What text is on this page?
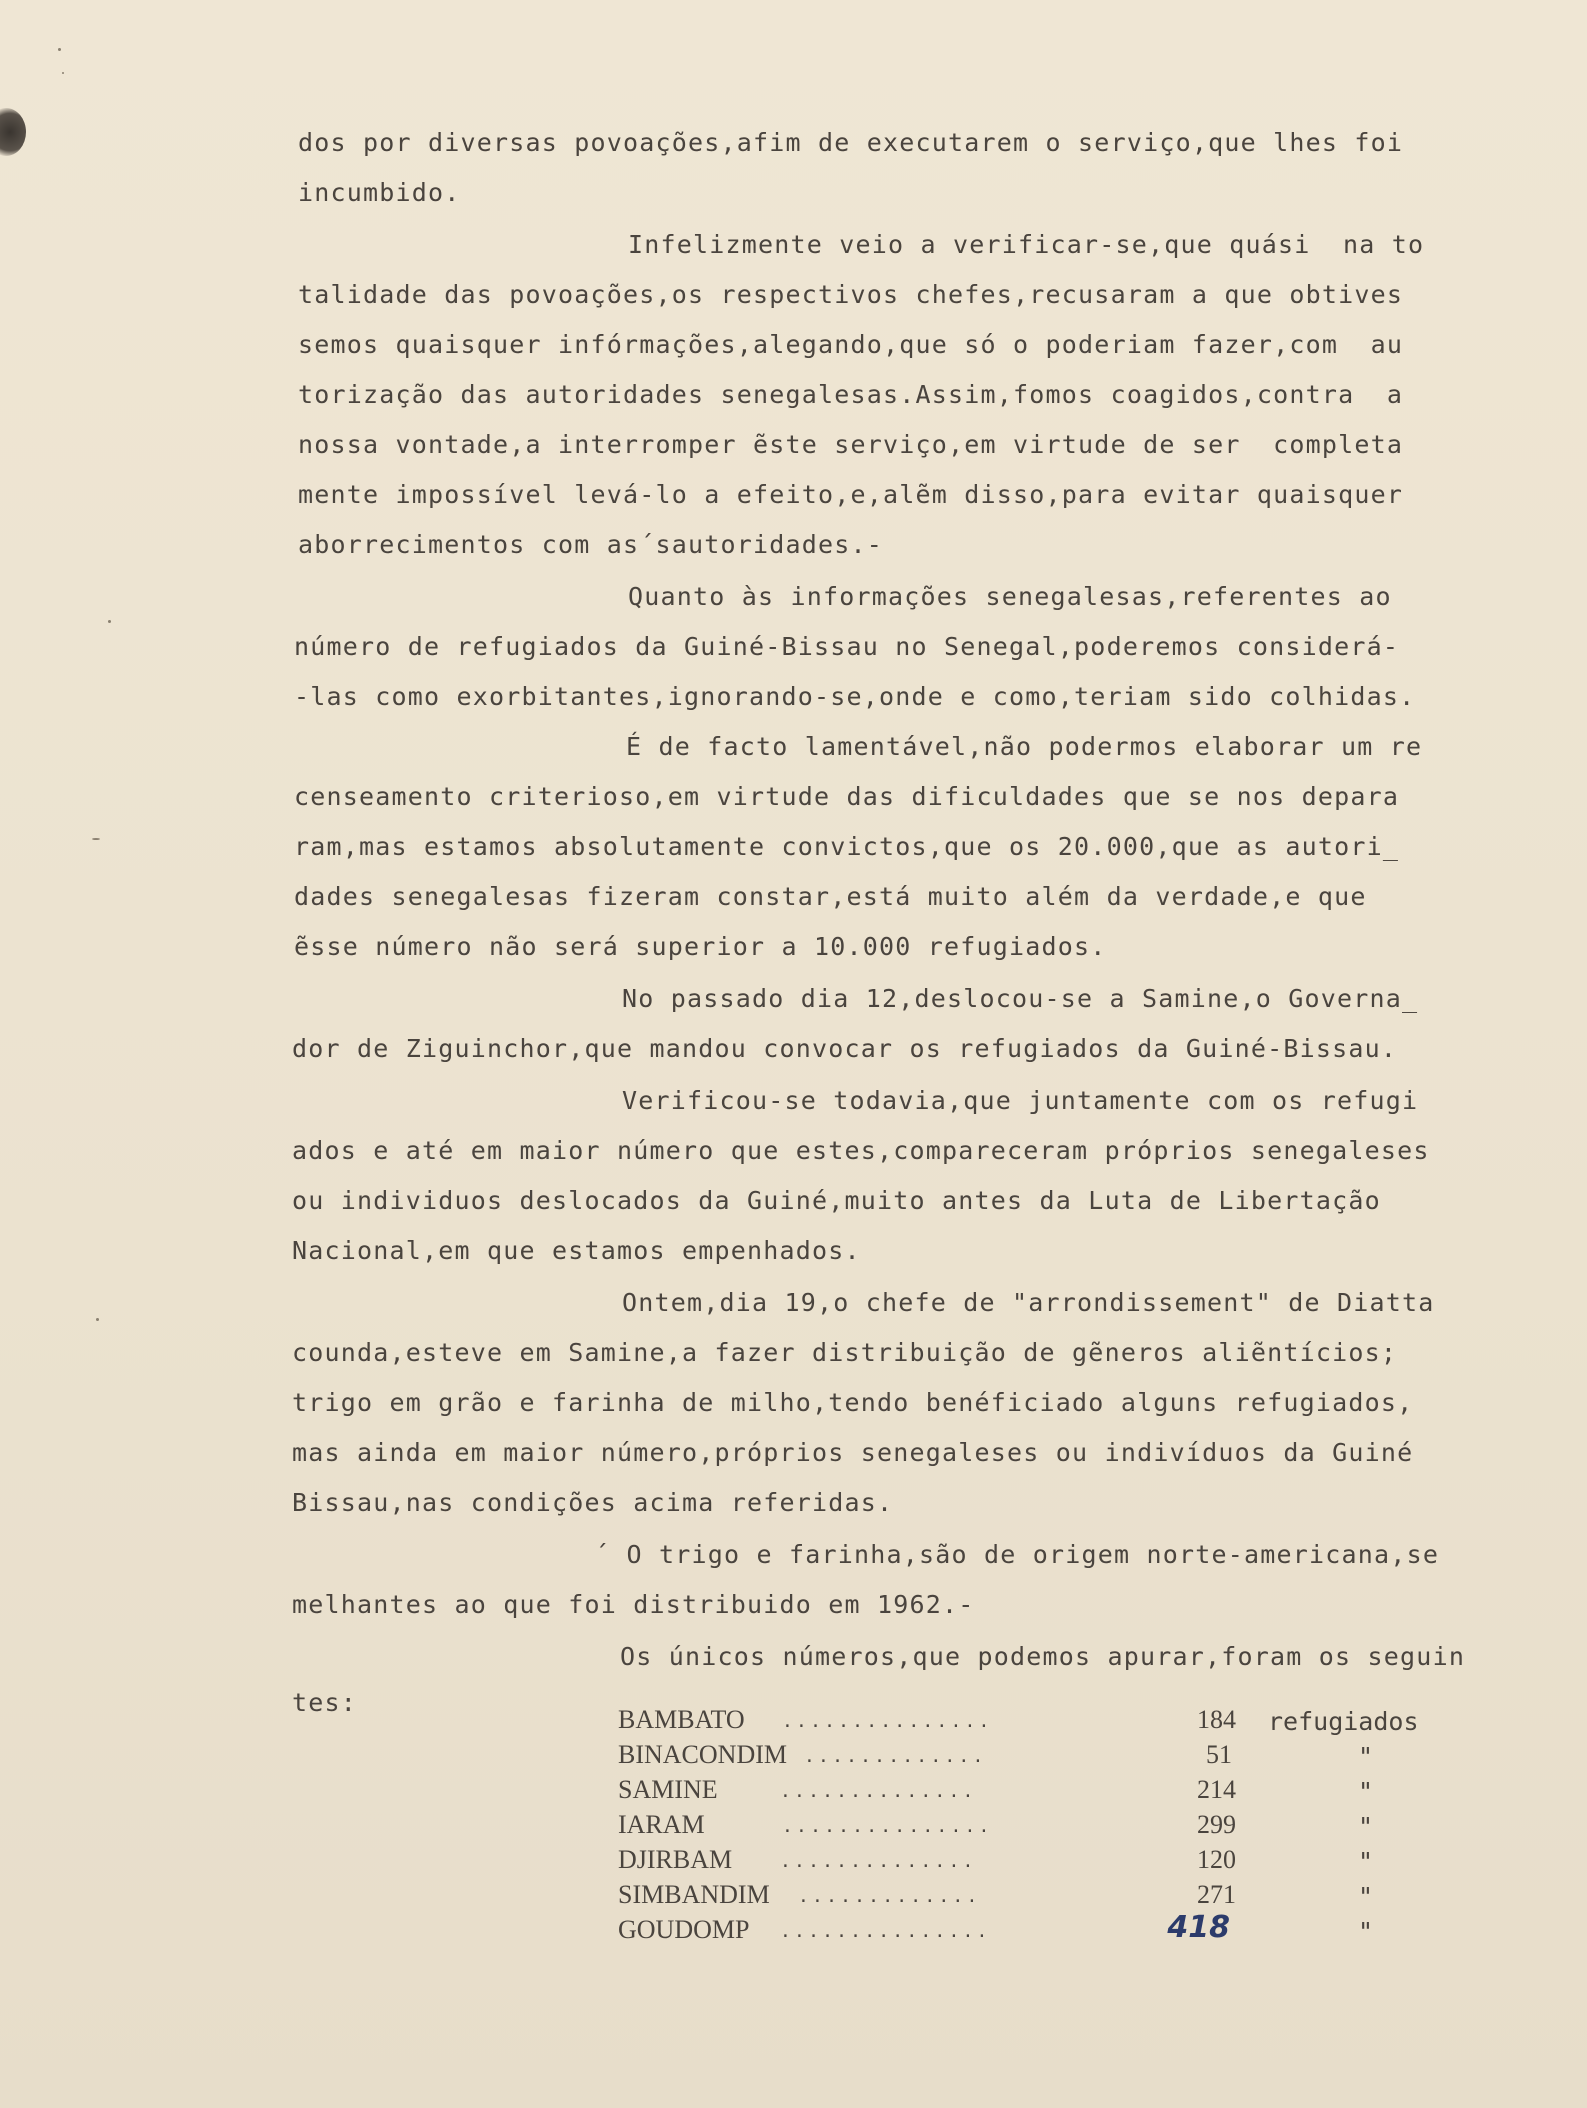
dos por diversas povoações,afim de executarem o serviço,que lhes foi

incumbido.

Infelizmente veio a verificar-se,que quási  na to

talidade das povoações,os respectivos chefes,recusaram a que obtives

semos quaisquer infórmações,alegando,que só o poderiam fazer,com  au

torização das autoridades senegalesas.Assim,fomos coagidos,contra  a

nossa vontade,a interromper ẽste serviço,em virtude de ser  completa

mente impossível levá-lo a efeito,e,alẽm disso,para evitar quaisquer

aborrecimentos com as´sautoridades.-

Quanto às informações senegalesas,referentes ao

número de refugiados da Guiné-Bissau no Senegal,poderemos considerá-

-las como exorbitantes,ignorando-se,onde e como,teriam sido colhidas.

É de facto lamentável,não podermos elaborar um re

censeamento criterioso,em virtude das dificuldades que se nos depara

ram,mas estamos absolutamente convictos,que os 20.000,que as autori_

dades senegalesas fizeram constar,está muito além da verdade,e que

ẽsse número não será superior a 10.000 refugiados.

No passado dia 12,deslocou-se a Samine,o Governa_

dor de Ziguinchor,que mandou convocar os refugiados da Guiné-Bissau.

Verificou-se todavia,que juntamente com os refugi

ados e até em maior número que estes,compareceram próprios senegaleses

ou individuos deslocados da Guiné,muito antes da Luta de Libertação

Nacional,em que estamos empenhados.

Ontem,dia 19,o chefe de "arrondissement" de Diatta

counda,esteve em Samine,a fazer distribuição de gẽneros aliẽntícios;

trigo em grão e farinha de milho,tendo benéficiado alguns refugiados,

mas ainda em maior número,próprios senegaleses ou indivíduos da Guiné

Bissau,nas condições acima referidas.

´ O trigo e farinha,são de origem norte-americana,se

melhantes ao que foi distribuido em 1962.-

Os únicos números,que podemos apurar,foram os seguin

tes:

BAMBATO ...............	184 refugiados
BINACONDIM .............	51	"
SAMINE	..............	214	"
IARAM	...............	299	"
DJIRBAM	..............	120	"
SIMBANDIM .............	271	"
GOUDOMP ...............	418	"
